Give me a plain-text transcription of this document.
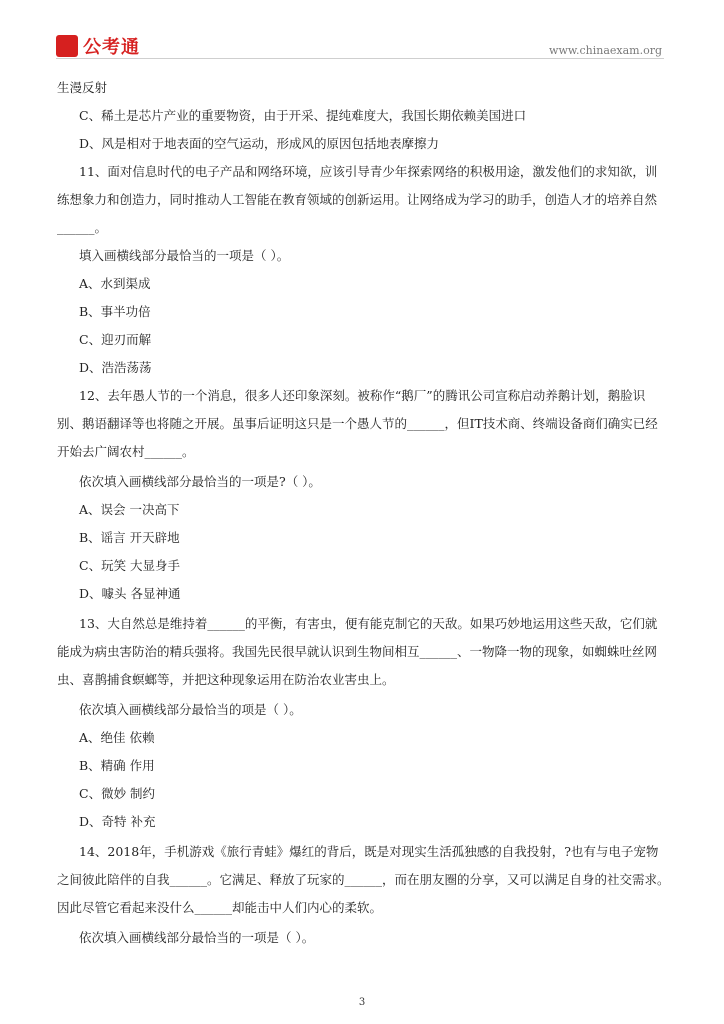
公考通	www.chinaexam.org
生漫反射
C、稀土是芯片产业的重要物资，由于开采、提纯难度大，我国长期依赖美国进口
D、风是相对于地表面的空气运动，形成风的原因包括地表摩擦力
11、面对信息时代的电子产品和网络环境，应该引导青少年探索网络的积极用途，激发他们的求知欲，训
练想象力和创造力，同时推动人工智能在教育领域的创新运用。让网络成为学习的助手，创造人才的培养自然
______。
填入画横线部分最恰当的一项是（ ）。
A、水到渠成
B、事半功倍
C、迎刃而解
D、浩浩荡荡
12、去年愚人节的一个消息，很多人还印象深刻。被称作“鹅厂”的腾讯公司宣称启动养鹅计划，鹅脸识
别、鹅语翻译等也将随之开展。虽事后证明这只是一个愚人节的______，但IT技术商、终端设备商们确实已经
开始去广阔农村______。
依次填入画横线部分最恰当的一项是?（ ）。
A、误会 一决高下
B、谣言 开天辟地
C、玩笑 大显身手
D、噱头 各显神通
13、大自然总是维持着______的平衡，有害虫，便有能克制它的天敌。如果巧妙地运用这些天敌，它们就
能成为病虫害防治的精兵强将。我国先民很早就认识到生物间相互______、一物降一物的现象，如蜘蛛吐丝网
虫、喜鹊捕食螟螂等，并把这种现象运用在防治农业害虫上。
依次填入画横线部分最恰当的项是（ ）。
A、绝佳 依赖
B、精确 作用
C、微妙 制约
D、奇特 补充
14、2018年，手机游戏《旅行青蛙》爆红的背后，既是对现实生活孤独感的自我投射，?也有与电子宠物
之间彼此陪伴的自我______。它满足、释放了玩家的______，而在朋友圈的分享，又可以满足自身的社交需求。
因此尽管它看起来没什么______却能击中人们内心的柔软。
依次填入画横线部分最恰当的一项是（ ）。
3
